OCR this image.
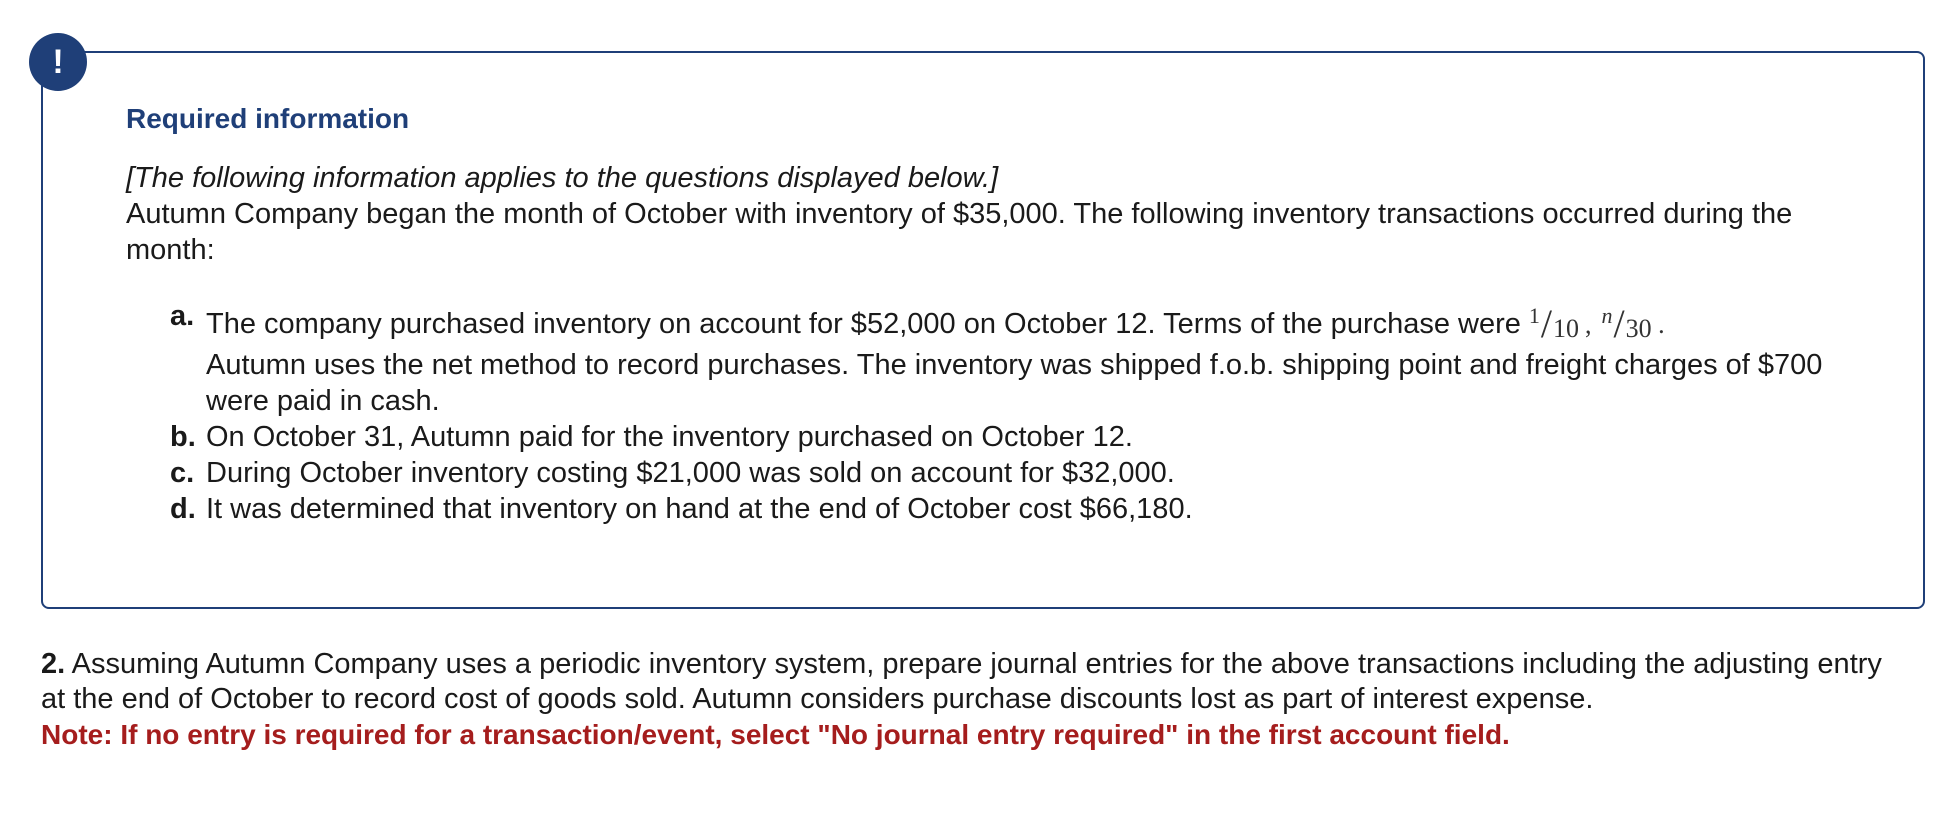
!
Required information

[The following information applies to the questions displayed below.]

Autumn Company began the month of October with inventory of $35,000. The following inventory transactions occurred during the month:

a. The company purchased inventory on account for $52,000 on October 12. Terms of the purchase were $^1$/10 , $^n$/30 .
Autumn uses the net method to record purchases. The inventory was shipped f.o.b. shipping point and freight charges of $700 were paid in cash.
b. On October 31, Autumn paid for the inventory purchased on October 12.
c. During October inventory costing $21,000 was sold on account for $32,000.
d. It was determined that inventory on hand at the end of October cost $66,180.
2. Assuming Autumn Company uses a periodic inventory system, prepare journal entries for the above transactions including the adjusting entry at the end of October to record cost of goods sold. Autumn considers purchase discounts lost as part of interest expense.
Note: If no entry is required for a transaction/event, select "No journal entry required" in the first account field.
